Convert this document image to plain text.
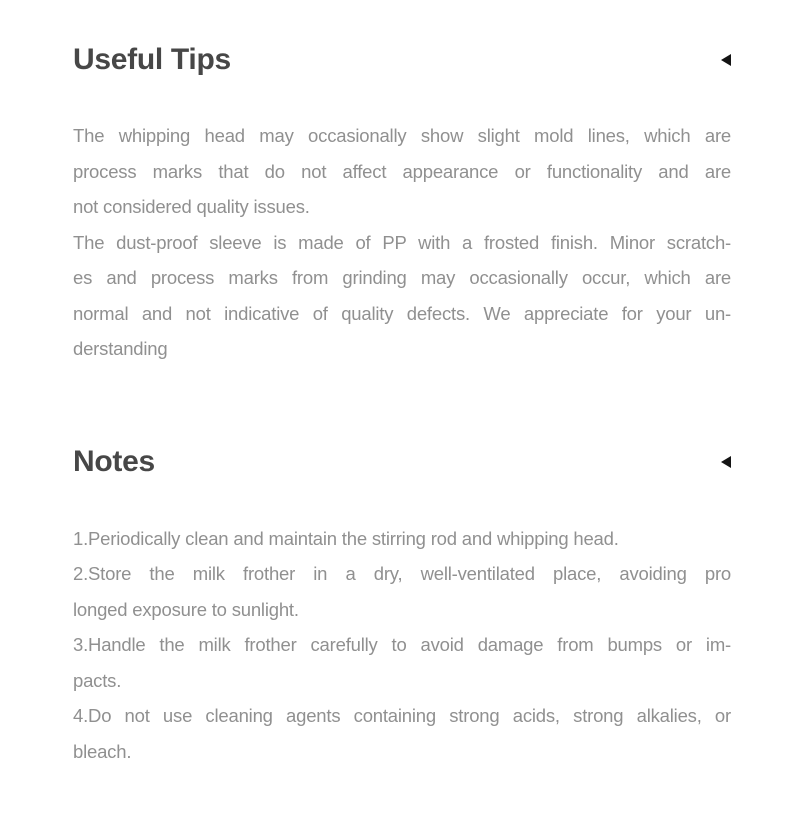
Useful Tips
The whipping head may occasionally show slight mold lines, which are
process marks that do not affect appearance or functionality and are
not considered quality issues.
The dust-proof sleeve is made of PP with a frosted finish. Minor scratch-
es and process marks from grinding may occasionally occur, which are
normal and not indicative of quality defects. We appreciate for your un-
derstanding
Notes
1.Periodically clean and maintain the stirring rod and whipping head.
2.Store the milk frother in a dry, well-ventilated place, avoiding pro
longed exposure to sunlight.
3.Handle the milk frother carefully to avoid damage from bumps or im-
pacts.
4.Do not use cleaning agents containing strong acids, strong alkalies, or
bleach.
